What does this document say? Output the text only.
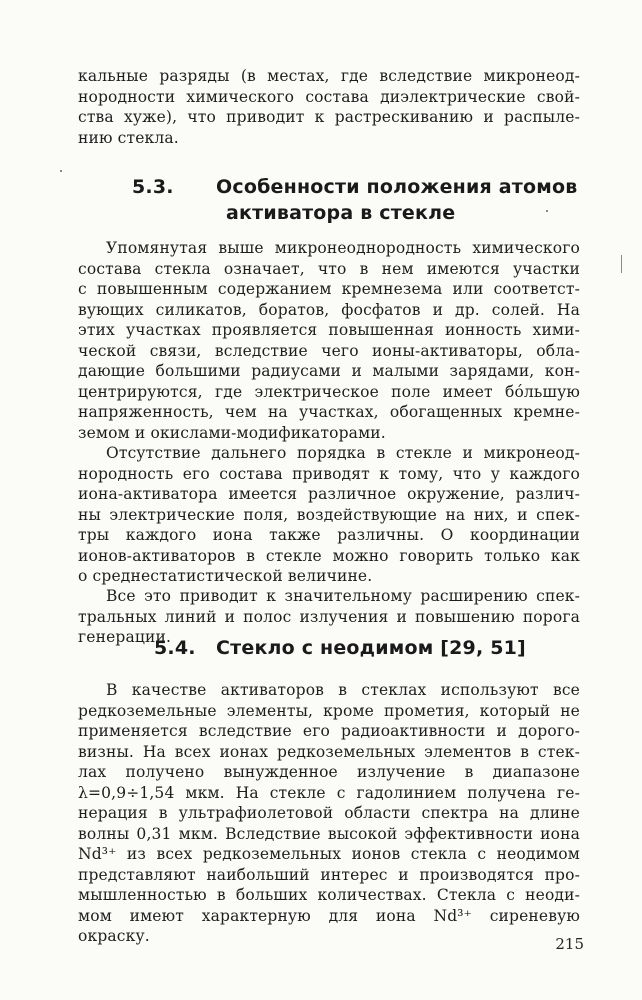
кальные разряды (в местах, где вследствие микронеод-
нородности химического состава диэлектрические свой-
ства хуже), что приводит к растрескиванию и распыле-
нию стекла.
5.3. Особенности положения атомов
активатора в стекле
Упомянутая выше микронеоднородность химического
состава стекла означает, что в нем имеются участки
с повышенным содержанием кремнезема или соответст-
вующих силикатов, боратов, фосфатов и др. солей. На
этих участках проявляется повышенная ионность хими-
ческой связи, вследствие чего ионы-активаторы, обла-
дающие большими радиусами и малыми зарядами, кон-
центрируются, где электрическое поле имеет бóльшую
напряженность, чем на участках, обогащенных кремне-
земом и окислами-модификаторами.
Отсутствие дальнего порядка в стекле и микронеод-
нородность его состава приводят к тому, что у каждого
иона-активатора имеется различное окружение, различ-
ны электрические поля, воздействующие на них, и спек-
тры каждого иона также различны. О координации
ионов-активаторов в стекле можно говорить только как
о среднестатистической величине.
Все это приводит к значительному расширению спек-
тральных линий и полос излучения и повышению порога
генерации.
5.4. Стекло с неодимом [29, 51]
В качестве активаторов в стеклах используют все
редкоземельные элементы, кроме прометия, который не
применяется вследствие его радиоактивности и дорого-
визны. На всех ионах редкоземельных элементов в стек-
лах получено вынужденное излучение в диапазоне
λ=0,9÷1,54 мкм. На стекле с гадолинием получена ге-
нерация в ультрафиолетовой области спектра на длине
волны 0,31 мкм. Вследствие высокой эффективности иона
Nd³⁺ из всех редкоземельных ионов стекла с неодимом
представляют наибольший интерес и производятся про-
мышленностью в больших количествах. Стекла с неоди-
мом имеют характерную для иона Nd³⁺ сиреневую
окраску.	215
